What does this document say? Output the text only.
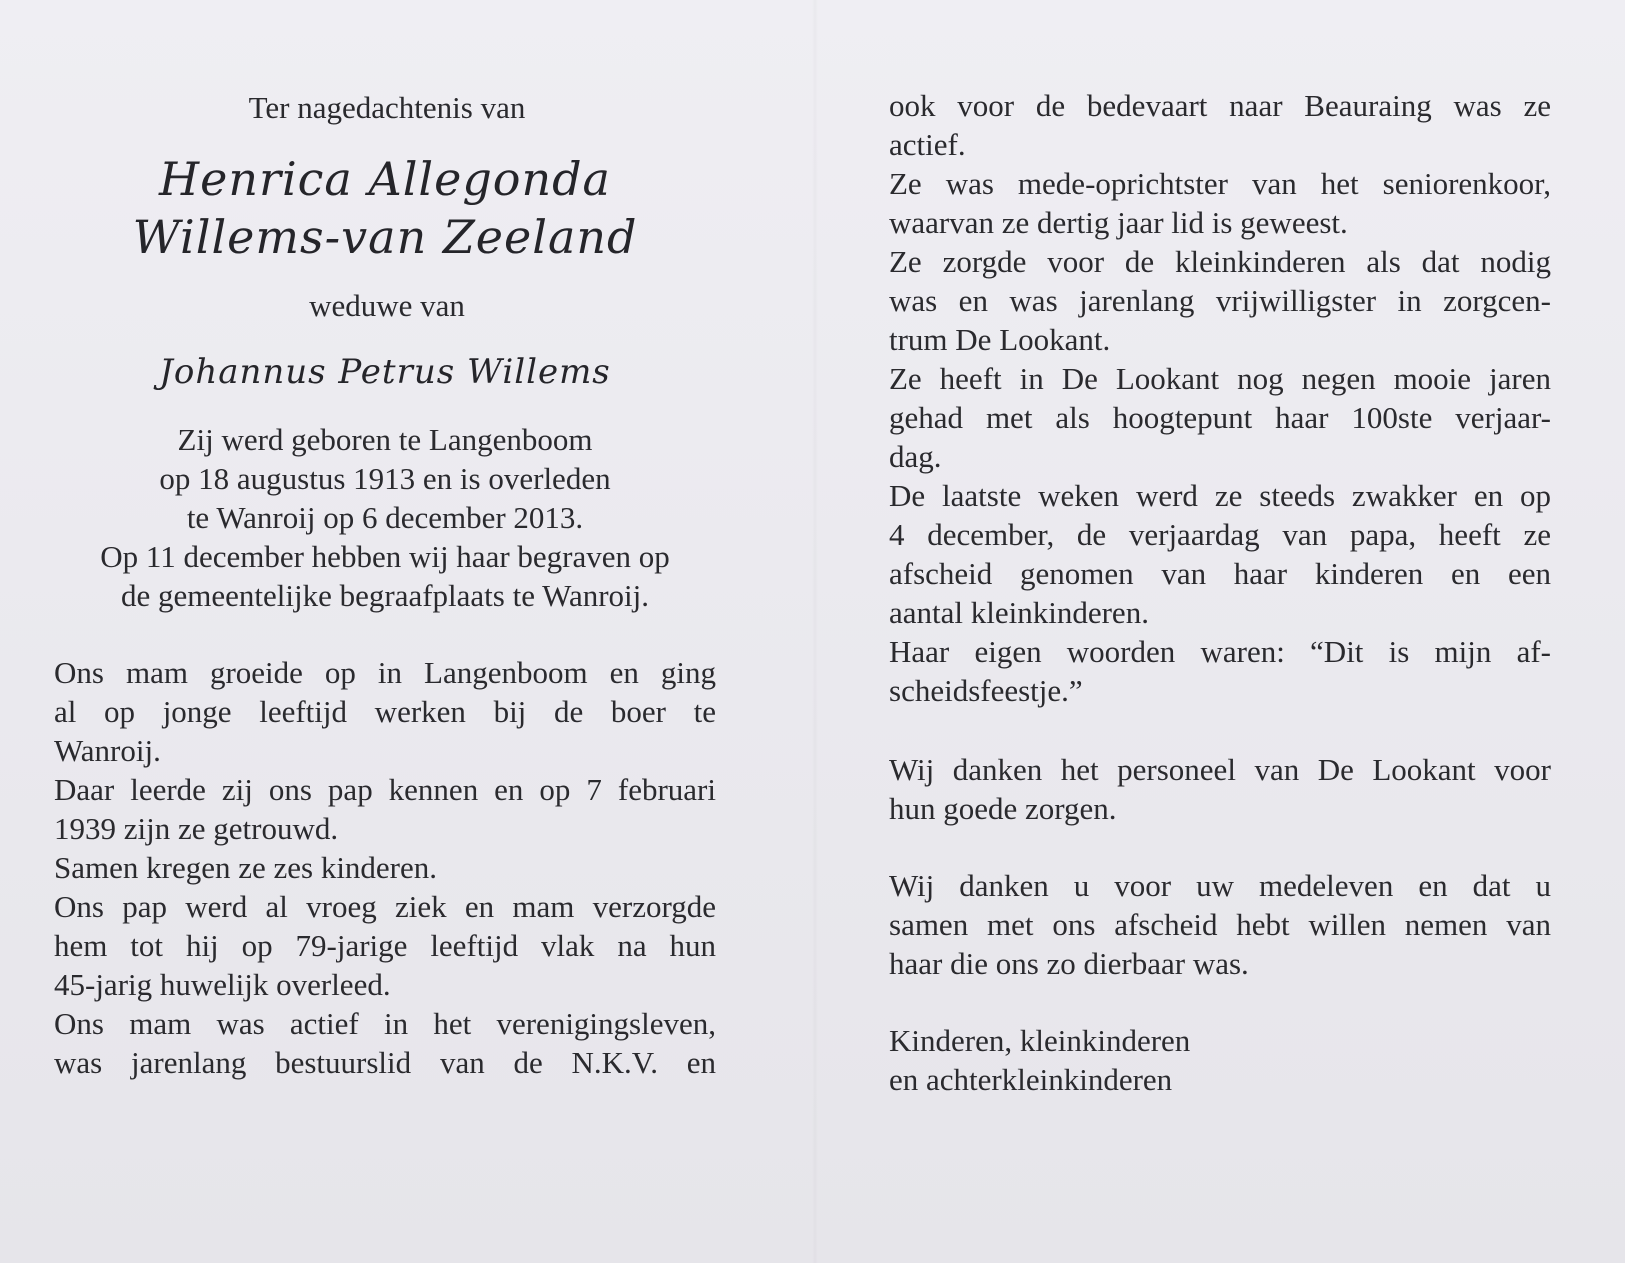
Ter nagedachtenis van

Henrica Allegonda

Willems-van Zeeland

weduwe van

Johannus Petrus Willems

Zij werd geboren te Langenboom
op 18 augustus 1913 en is overleden
te Wanroij op 6 december 2013.
Op 11 december hebben wij haar begraven op
de gemeentelijke begraafplaats te Wanroij.
Ons mam groeide op in Langenboom en ging
al op jonge leeftijd werken bij de boer te
Wanroij.
Daar leerde zij ons pap kennen en op 7 februari
1939 zijn ze getrouwd.
Samen kregen ze zes kinderen.
Ons pap werd al vroeg ziek en mam verzorgde
hem tot hij op 79-jarige leeftijd vlak na hun
45-jarig huwelijk overleed.
Ons mam was actief in het verenigingsleven,
was jarenlang bestuurslid van de N.K.V. en
ook voor de bedevaart naar Beauraing was ze
actief.
Ze was mede-oprichtster van het seniorenkoor,
waarvan ze dertig jaar lid is geweest.
Ze zorgde voor de kleinkinderen als dat nodig
was en was jarenlang vrijwilligster in zorgcen-
trum De Lookant.
Ze heeft in De Lookant nog negen mooie jaren
gehad met als hoogtepunt haar 100ste verjaar-
dag.
De laatste weken werd ze steeds zwakker en op
4 december, de verjaardag van papa, heeft ze
afscheid genomen van haar kinderen en een
aantal kleinkinderen.
Haar eigen woorden waren: “Dit is mijn af-
scheidsfeestje.”
Wij danken het personeel van De Lookant voor
hun goede zorgen.
Wij danken u voor uw medeleven en dat u
samen met ons afscheid hebt willen nemen van
haar die ons zo dierbaar was.
Kinderen, kleinkinderen
en achterkleinkinderen
